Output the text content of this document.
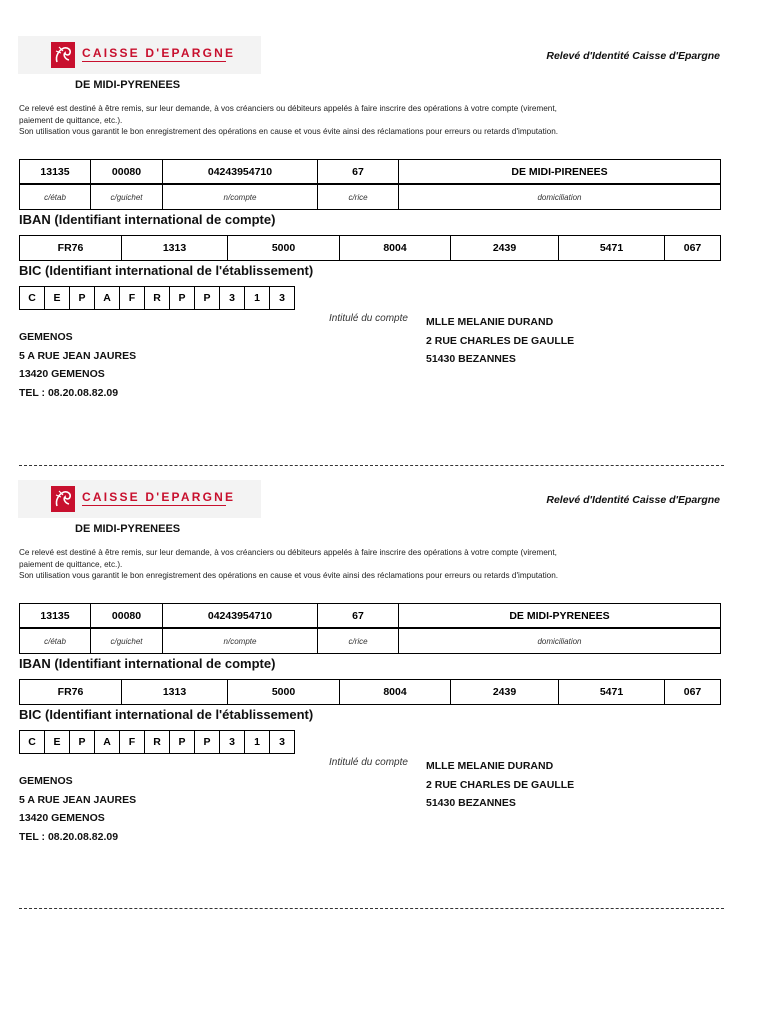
CAISSE D'EPARGNE
DE MIDI-PYRENEES
Relevé d'Identité Caisse d'Epargne
Ce relevé est destiné à être remis, sur leur demande, à vos créanciers ou débiteurs appelés à faire inscrire des opérations à votre compte (virement,
paiement de quittance, etc.).
Son utilisation vous garantit le bon enregistrement des opérations en cause et vous évite ainsi des réclamations pour erreurs ou retards d'imputation.
13135	00080	04243954710	67	DE MIDI-PIRENEES
c/étab	c/guichet	n/compte	c/rice	domiciliation
IBAN (Identifiant international de compte)
FR76	1313	5000	8004	2439	5471	067
BIC (Identifiant international de l'établissement)
C	E	P	A	F	R	P	P	3	1	3
Intitulé du compte MLLE MELANIE DURAND
2 RUE CHARLES DE GAULLE
51430 BEZANNES
GEMENOS
5 A RUE JEAN JAURES
13420 GEMENOS
TEL : 08.20.08.82.09
CAISSE D'EPARGNE
DE MIDI-PYRENEES
Relevé d'Identité Caisse d'Epargne
Ce relevé est destiné à être remis, sur leur demande, à vos créanciers ou débiteurs appelés à faire inscrire des opérations à votre compte (virement,
paiement de quittance, etc.).
Son utilisation vous garantit le bon enregistrement des opérations en cause et vous évite ainsi des réclamations pour erreurs ou retards d'imputation.
13135	00080	04243954710	67	DE MIDI-PYRENEES
c/étab	c/guichet	n/compte	c/rice	domiciliation
IBAN (Identifiant international de compte)
FR76	1313	5000	8004	2439	5471	067
BIC (Identifiant international de l'établissement)
C	E	P	A	F	R	P	P	3	1	3
Intitulé du compte MLLE MELANIE DURAND
2 RUE CHARLES DE GAULLE
51430 BEZANNES
GEMENOS
5 A RUE JEAN JAURES
13420 GEMENOS
TEL : 08.20.08.82.09
